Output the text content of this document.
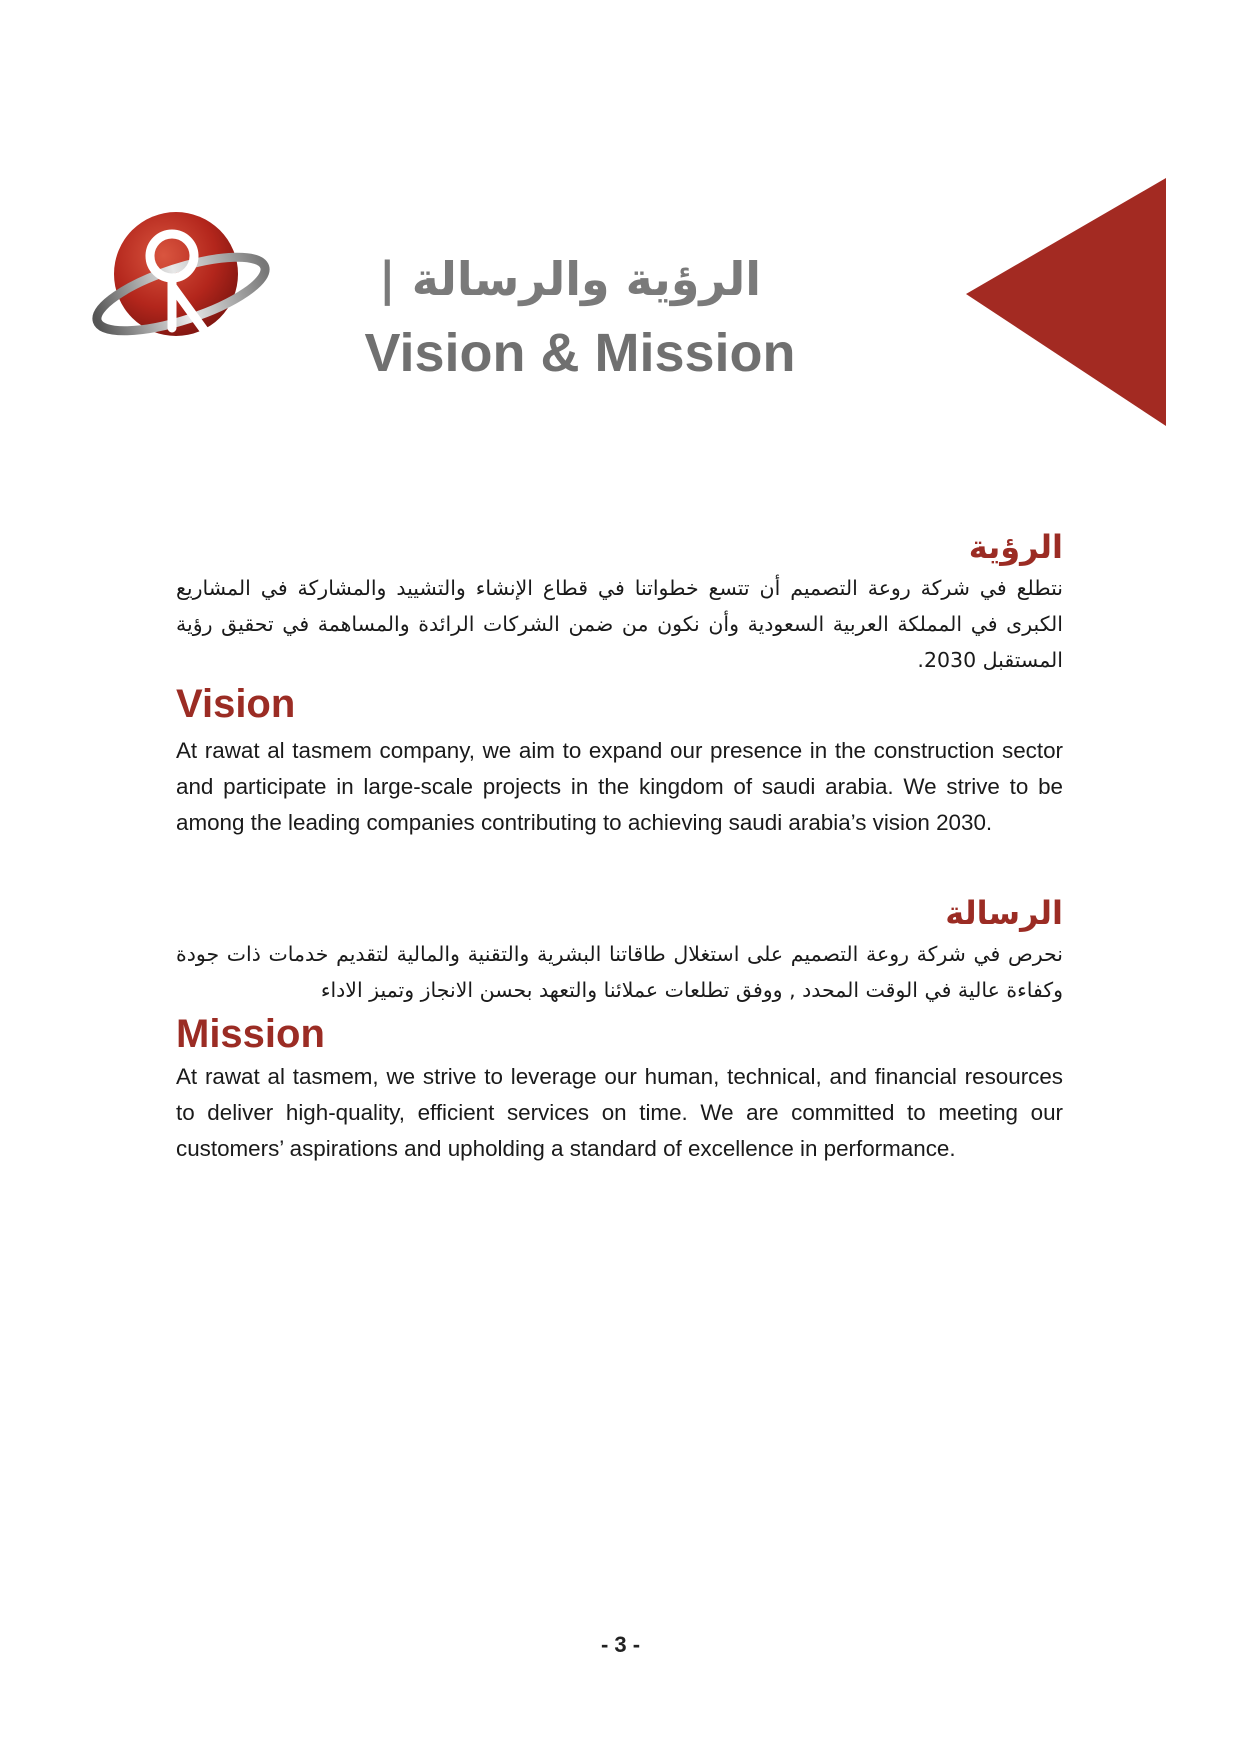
الرؤية والرسالة |
Vision & Mission
الرؤية

نتطلع في شركة روعة التصميم أن تتسع خطواتنا في قطاع الإنشاء والتشييد والمشاركة في المشاريع الكبرى في المملكة العربية السعودية وأن نكون من ضمن الشركات الرائدة والمساهمة في تحقيق رؤية المستقبل 2030.

Vision

At rawat al tasmem company, we aim to expand our presence in the construction sector and participate in large-scale projects in the kingdom of saudi arabia. We strive to be among the leading companies contributing to achieving saudi arabia’s vision 2030.

الرسالة

نحرص في شركة روعة التصميم على استغلال طاقاتنا البشرية والتقنية والمالية لتقديم خدمات ذات جودة وكفاءة عالية في الوقت المحدد , ووفق تطلعات عملائنا والتعهد بحسن الانجاز وتميز الاداء

Mission

At rawat al tasmem, we strive to leverage our human, technical, and financial resources to deliver high-quality, efficient services on time. We are committed to meeting our customers’ aspirations and upholding a standard of excellence in performance.

- 3 -
